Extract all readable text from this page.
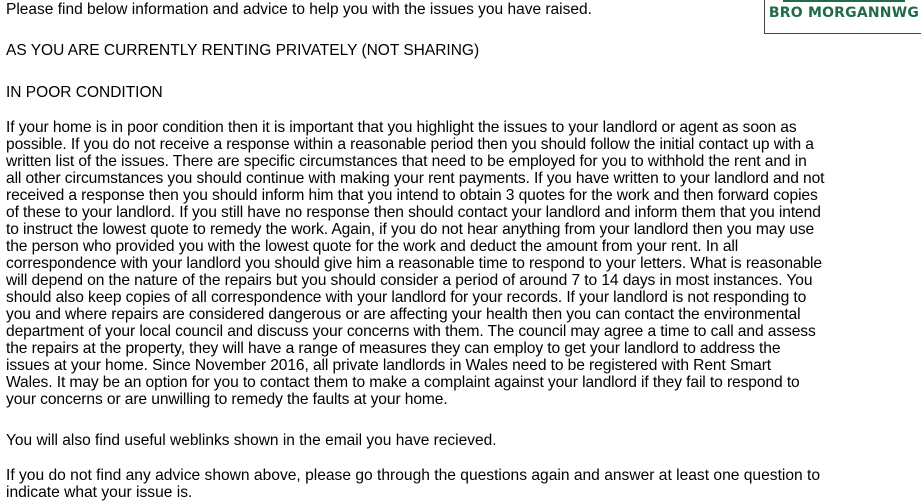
BRO MORGANNWG

Please find below information and advice to help you with the issues you have raised.

AS YOU ARE CURRENTLY RENTING PRIVATELY (NOT SHARING)

IN POOR CONDITION

If your home is in poor condition then it is important that you highlight the issues to your landlord or agent as soon as
possible. If you do not receive a response within a reasonable period then you should follow the initial contact up with a
written list of the issues. There are specific circumstances that need to be employed for you to withhold the rent and in
all other circumstances you should continue with making your rent payments. If you have written to your landlord and not
received a response then you should inform him that you intend to obtain 3 quotes for the work and then forward copies
of these to your landlord. If you still have no response then should contact your landlord and inform them that you intend
to instruct the lowest quote to remedy the work. Again, if you do not hear anything from your landlord then you may use
the person who provided you with the lowest quote for the work and deduct the amount from your rent. In all
correspondence with your landlord you should give him a reasonable time to respond to your letters. What is reasonable
will depend on the nature of the repairs but you should consider a period of around 7 to 14 days in most instances. You
should also keep copies of all correspondence with your landlord for your records. If your landlord is not responding to
you and where repairs are considered dangerous or are affecting your health then you can contact the environmental
department of your local council and discuss your concerns with them. The council may agree a time to call and assess
the repairs at the property, they will have a range of measures they can employ to get your landlord to address the
issues at your home. Since November 2016, all private landlords in Wales need to be registered with Rent Smart
Wales. It may be an option for you to contact them to make a complaint against your landlord if they fail to respond to
your concerns or are unwilling to remedy the faults at your home.

You will also find useful weblinks shown in the email you have recieved.

If you do not find any advice shown above, please go through the questions again and answer at least one question to
indicate what your issue is.
